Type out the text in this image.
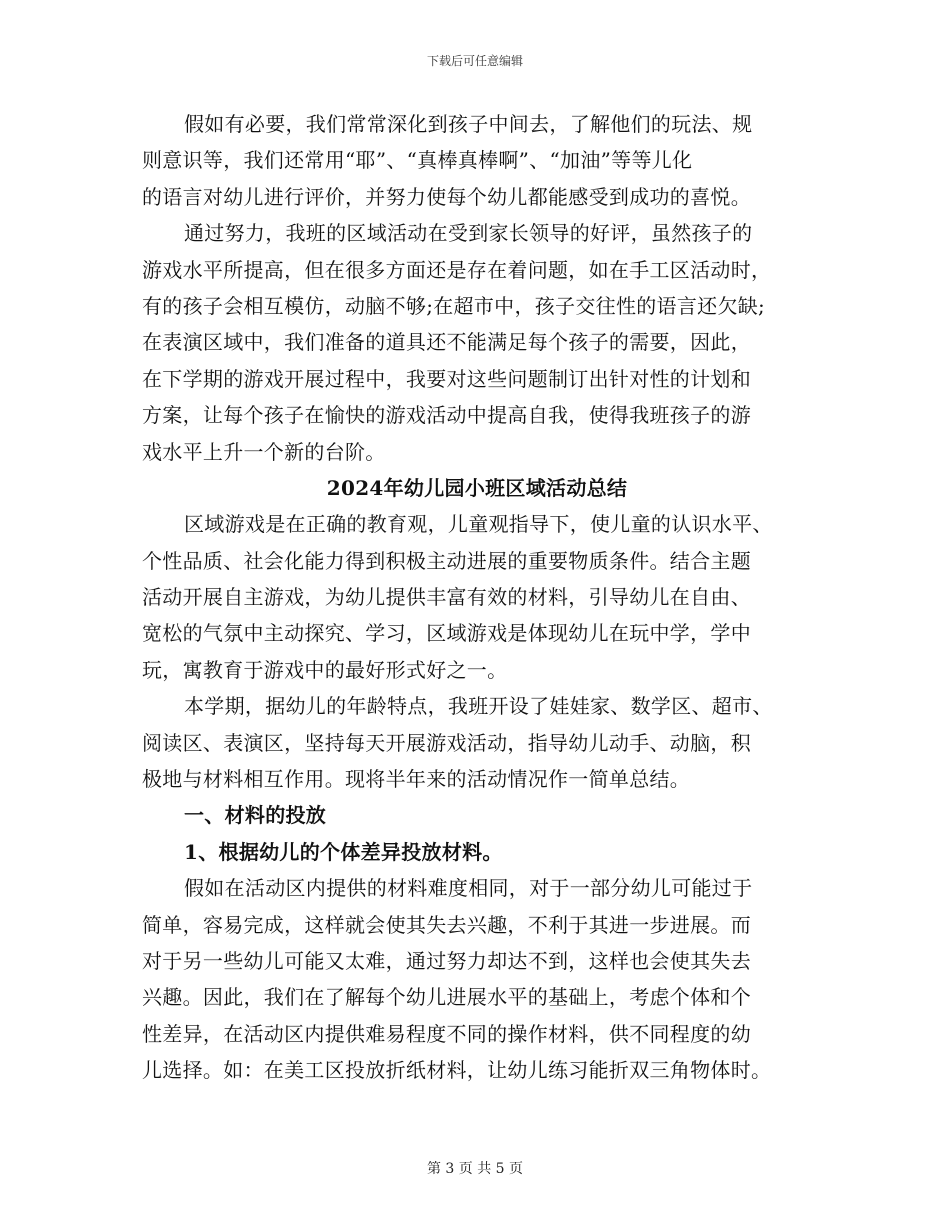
下载后可任意编辑
假如有必要，我们常常深化到孩子中间去，了解他们的玩法、规
则意识等，我们还常用“耶”、“真棒真棒啊”、“加油”等等儿化
的语言对幼儿进行评价，并努力使每个幼儿都能感受到成功的喜悦。
通过努力，我班的区域活动在受到家长领导的好评，虽然孩子的
游戏水平所提高，但在很多方面还是存在着问题，如在手工区活动时，
有的孩子会相互模仿，动脑不够;在超市中，孩子交往性的语言还欠缺;
在表演区域中，我们准备的道具还不能满足每个孩子的需要，因此，
在下学期的游戏开展过程中，我要对这些问题制订出针对性的计划和
方案，让每个孩子在愉快的游戏活动中提高自我，使得我班孩子的游
戏水平上升一个新的台阶。
2024年幼儿园小班区域活动总结
区域游戏是在正确的教育观，儿童观指导下，使儿童的认识水平、
个性品质、社会化能力得到积极主动进展的重要物质条件。结合主题
活动开展自主游戏，为幼儿提供丰富有效的材料，引导幼儿在自由、
宽松的气氛中主动探究、学习，区域游戏是体现幼儿在玩中学，学中
玩，寓教育于游戏中的最好形式好之一。
本学期，据幼儿的年龄特点，我班开设了娃娃家、数学区、超市、
阅读区、表演区，坚持每天开展游戏活动，指导幼儿动手、动脑，积
极地与材料相互作用。现将半年来的活动情况作一简单总结。
一、材料的投放
1、根据幼儿的个体差异投放材料。
假如在活动区内提供的材料难度相同，对于一部分幼儿可能过于
简单，容易完成，这样就会使其失去兴趣，不利于其进一步进展。而
对于另一些幼儿可能又太难，通过努力却达不到，这样也会使其失去
兴趣。因此，我们在了解每个幼儿进展水平的基础上，考虑个体和个
性差异，在活动区内提供难易程度不同的操作材料，供不同程度的幼
儿选择。如：在美工区投放折纸材料，让幼儿练习能折双三角物体时。
第 3 页 共 5 页
